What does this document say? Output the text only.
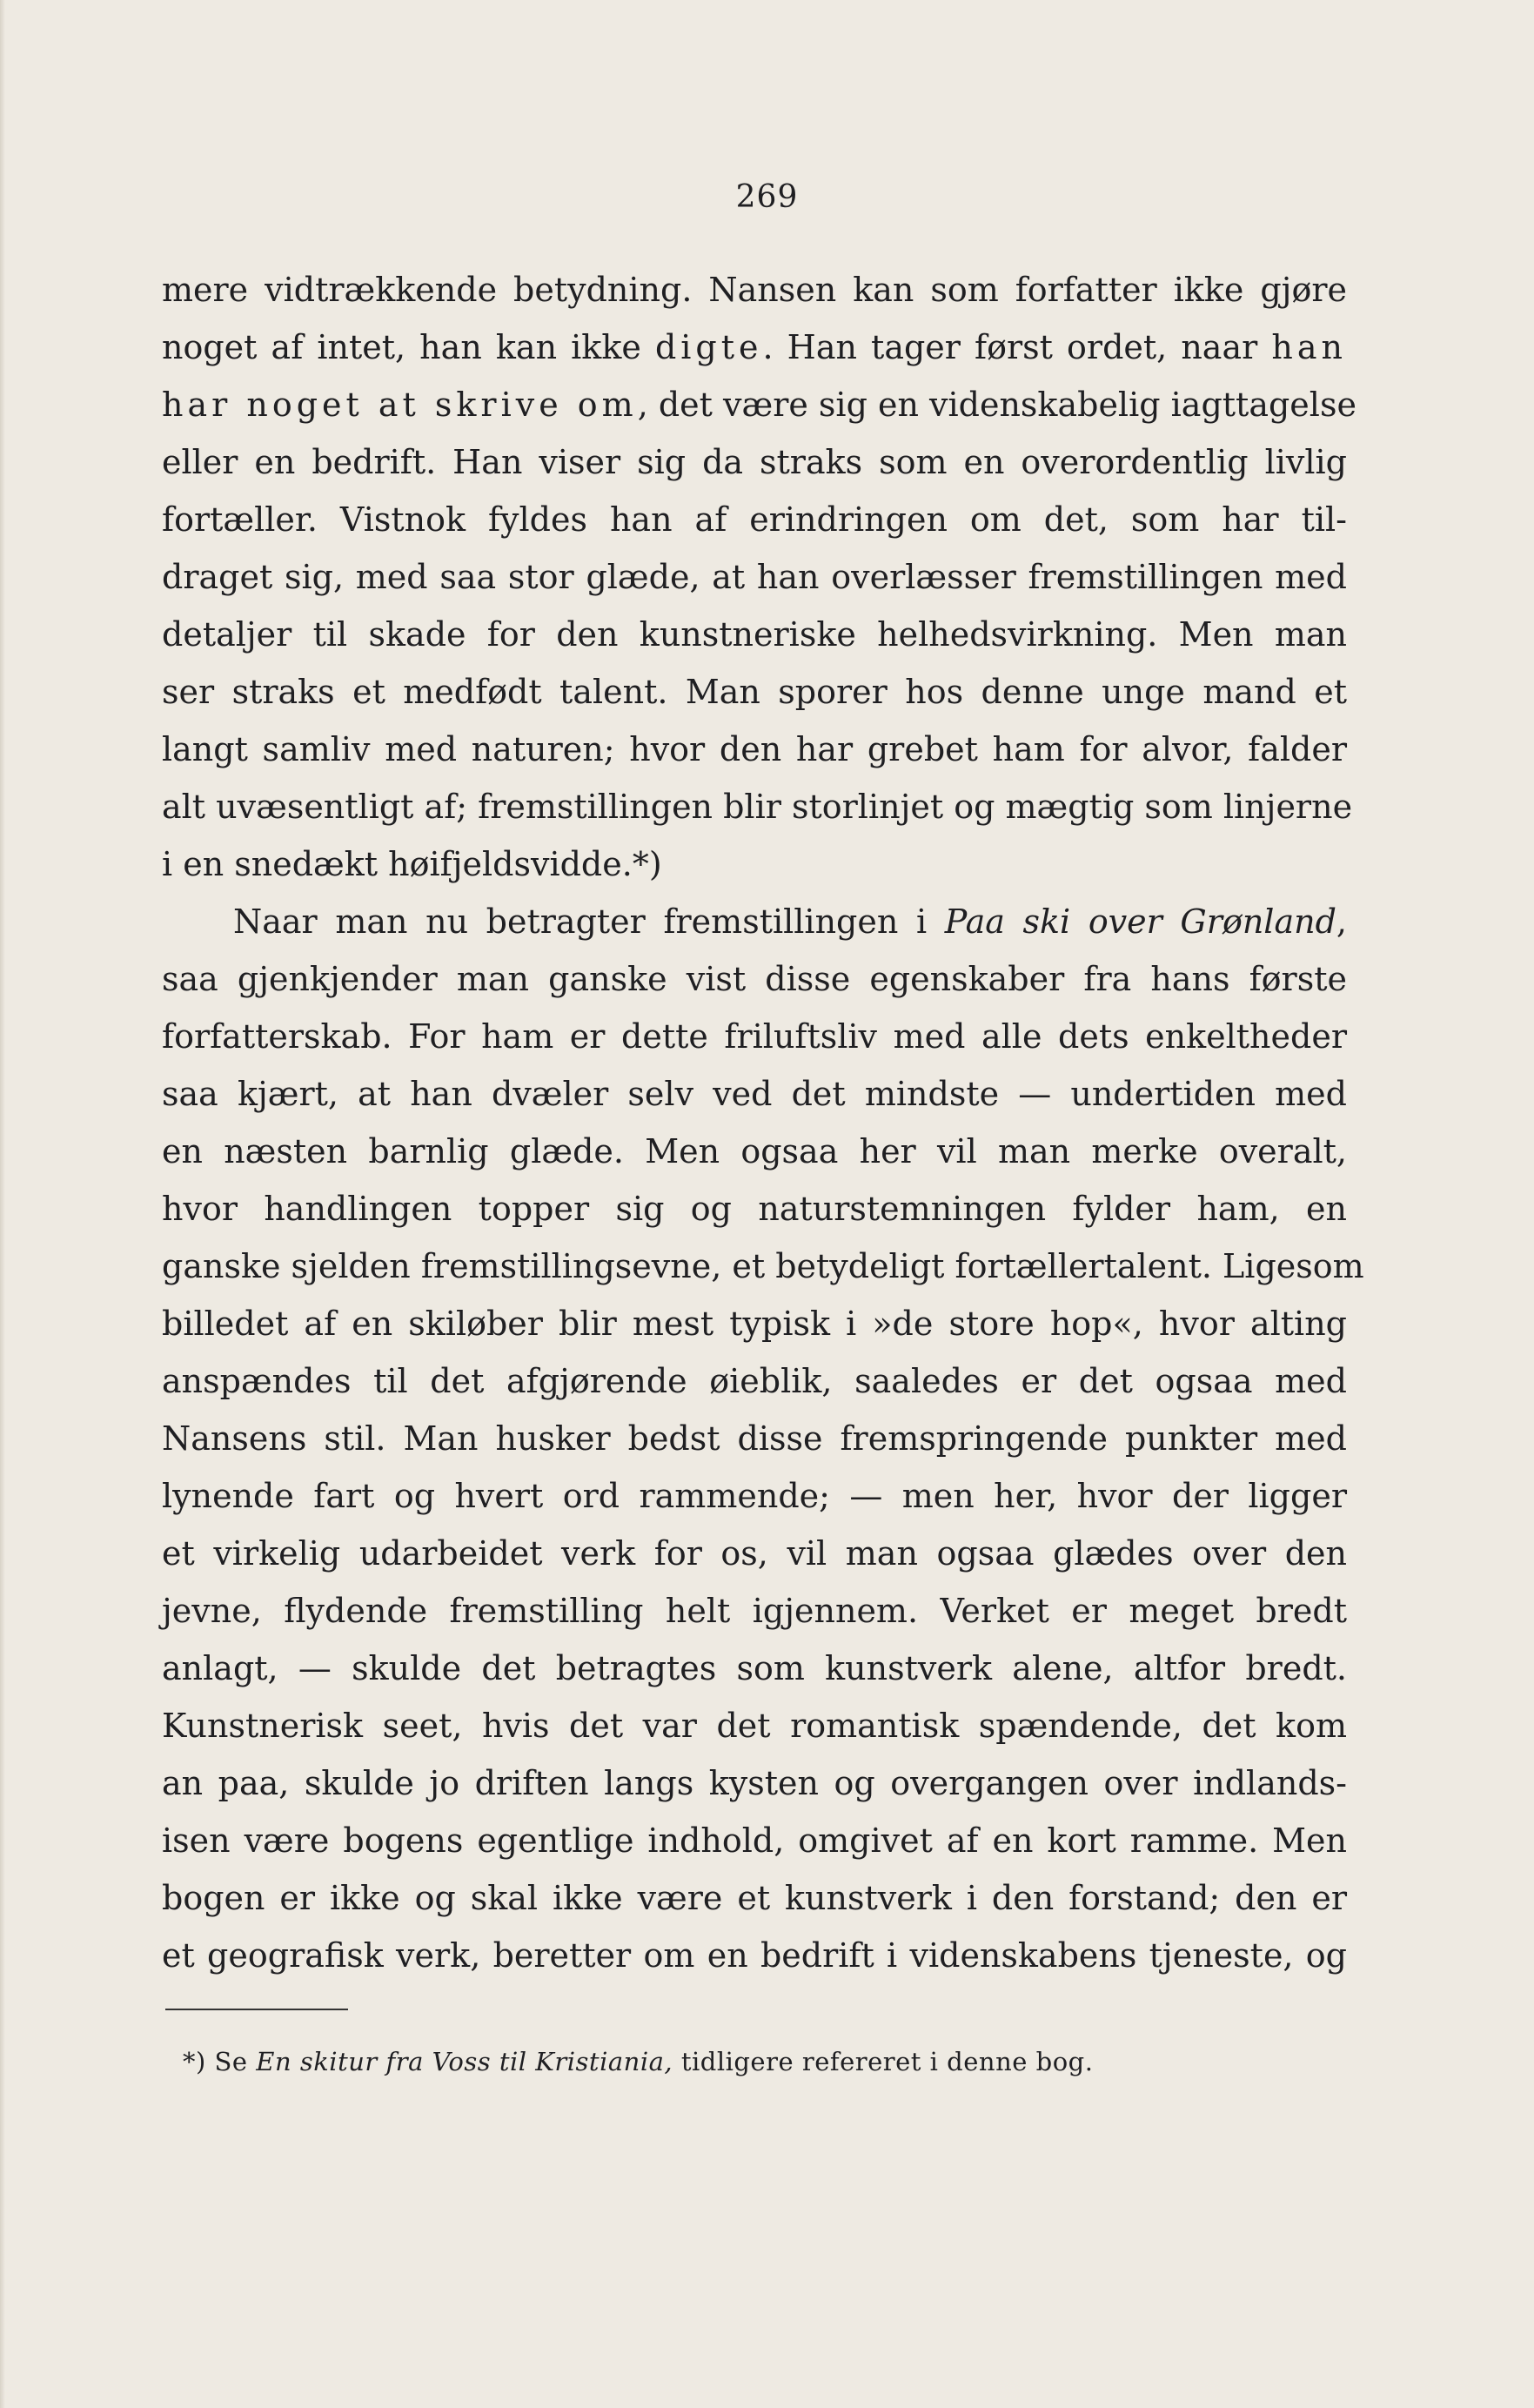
269
mere vidtrækkende betydning. Nansen kan som forfatter ikke gjøre
noget af intet, han kan ikke digte. Han tager først ordet, naar han
har noget at skrive om, det være sig en videnskabelig iagttagelse
eller en bedrift. Han viser sig da straks som en overordentlig livlig
fortæller. Vistnok fyldes han af erindringen om det, som har til-
draget sig, med saa stor glæde, at han overlæsser fremstillingen med
detaljer til skade for den kunstneriske helhedsvirkning. Men man
ser straks et medfødt talent. Man sporer hos denne unge mand et
langt samliv med naturen; hvor den har grebet ham for alvor, falder
alt uvæsentligt af; fremstillingen blir storlinjet og mægtig som linjerne
i en snedækt høifjeldsvidde.*)
Naar man nu betragter fremstillingen i Paa ski over Grønland,
saa gjenkjender man ganske vist disse egenskaber fra hans første
forfatterskab. For ham er dette friluftsliv med alle dets enkeltheder
saa kjært, at han dvæler selv ved det mindste — undertiden med
en næsten barnlig glæde. Men ogsaa her vil man merke overalt,
hvor handlingen topper sig og naturstemningen fylder ham, en
ganske sjelden fremstillingsevne, et betydeligt fortællertalent. Ligesom
billedet af en skiløber blir mest typisk i »de store hop«, hvor alting
anspændes til det afgjørende øieblik, saaledes er det ogsaa med
Nansens stil. Man husker bedst disse fremspringende punkter med
lynende fart og hvert ord rammende; — men her, hvor der ligger
et virkelig udarbeidet verk for os, vil man ogsaa glædes over den
jevne, flydende fremstilling helt igjennem. Verket er meget bredt
anlagt, — skulde det betragtes som kunstverk alene, altfor bredt.
Kunstnerisk seet, hvis det var det romantisk spændende, det kom
an paa, skulde jo driften langs kysten og overgangen over indlands-
isen være bogens egentlige indhold, omgivet af en kort ramme. Men
bogen er ikke og skal ikke være et kunstverk i den forstand; den er
et geografisk verk, beretter om en bedrift i videnskabens tjeneste, og
*) Se En skitur fra Voss til Kristiania, tidligere refereret i denne bog.
